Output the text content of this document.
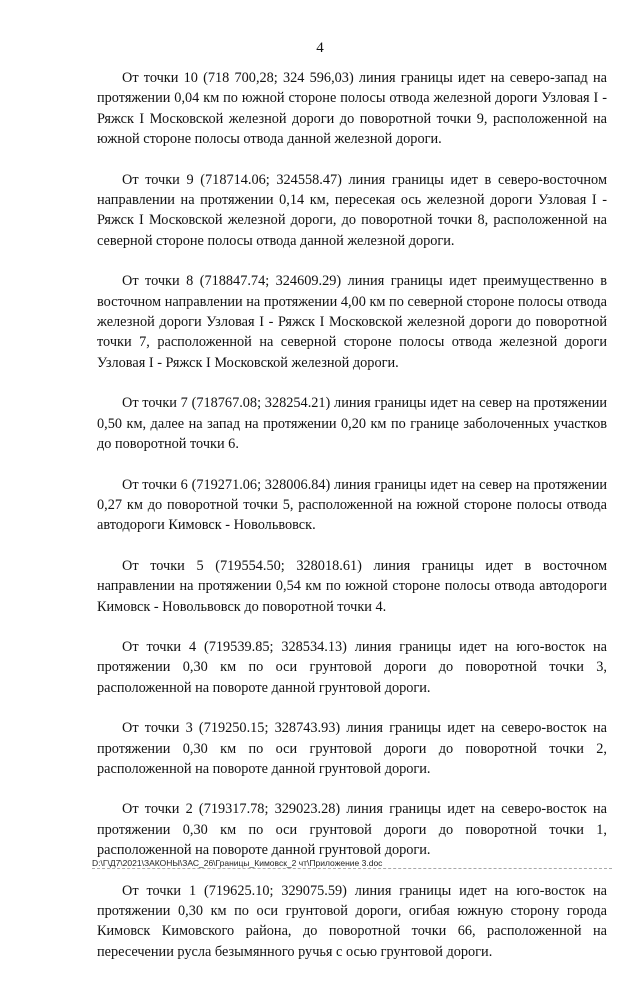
4

От точки 10 (718 700,28; 324 596,03) линия границы идет на северо-запад на протяжении 0,04 км по южной стороне полосы отвода железной дороги Узловая I - Ряжск I Московской железной дороги до поворотной точки 9, расположенной на южной стороне полосы отвода данной железной дороги.

От точки 9 (718714.06; 324558.47) линия границы идет в северо-восточном направлении на протяжении 0,14 км, пересекая ось железной дороги Узловая I - Ряжск I Московской железной дороги, до поворотной точки 8, расположенной на северной стороне полосы отвода данной железной дороги.

От точки 8 (718847.74; 324609.29) линия границы идет преимущественно в восточном направлении на протяжении 4,00 км по северной стороне полосы отвода железной дороги Узловая I - Ряжск I Московской железной дороги до поворотной точки 7, расположенной на северной стороне полосы отвода железной дороги Узловая I - Ряжск I Московской железной дороги.

От точки 7 (718767.08; 328254.21) линия границы идет на север на протяжении 0,50 км, далее на запад на протяжении 0,20 км по границе заболоченных участков до поворотной точки 6.

От точки 6 (719271.06; 328006.84) линия границы идет на север на протяжении 0,27 км до поворотной точки 5, расположенной на южной стороне полосы отвода автодороги Кимовск - Новольвовск.

От точки 5 (719554.50; 328018.61) линия границы идет в восточном направлении на протяжении 0,54 км по южной стороне полосы отвода автодороги Кимовск - Новольвовск до поворотной точки 4.

От точки 4 (719539.85; 328534.13) линия границы идет на юго-восток на протяжении 0,30 км по оси грунтовой дороги до поворотной точки 3, расположенной на повороте данной грунтовой дороги.

От точки 3 (719250.15; 328743.93) линия границы идет на северо-восток на протяжении 0,30 км по оси грунтовой дороги до поворотной точки 2, расположенной на повороте данной грунтовой дороги.

От точки 2 (719317.78; 329023.28) линия границы идет на северо-восток на протяжении 0,30 км по оси грунтовой дороги до поворотной точки 1, расположенной на повороте данной грунтовой дороги.

От точки 1 (719625.10; 329075.59) линия границы идет на юго-восток на протяжении 0,30 км по оси грунтовой дороги, огибая южную сторону города Кимовск Кимовского района, до поворотной точки 66, расположенной на пересечении русла безымянного ручья с осью грунтовой дороги.

D:\Г\Д7\2021\ЗАКОНЫ\ЗАС_26\Границы_Кимовск_2 чт\Приложение 3.doc
